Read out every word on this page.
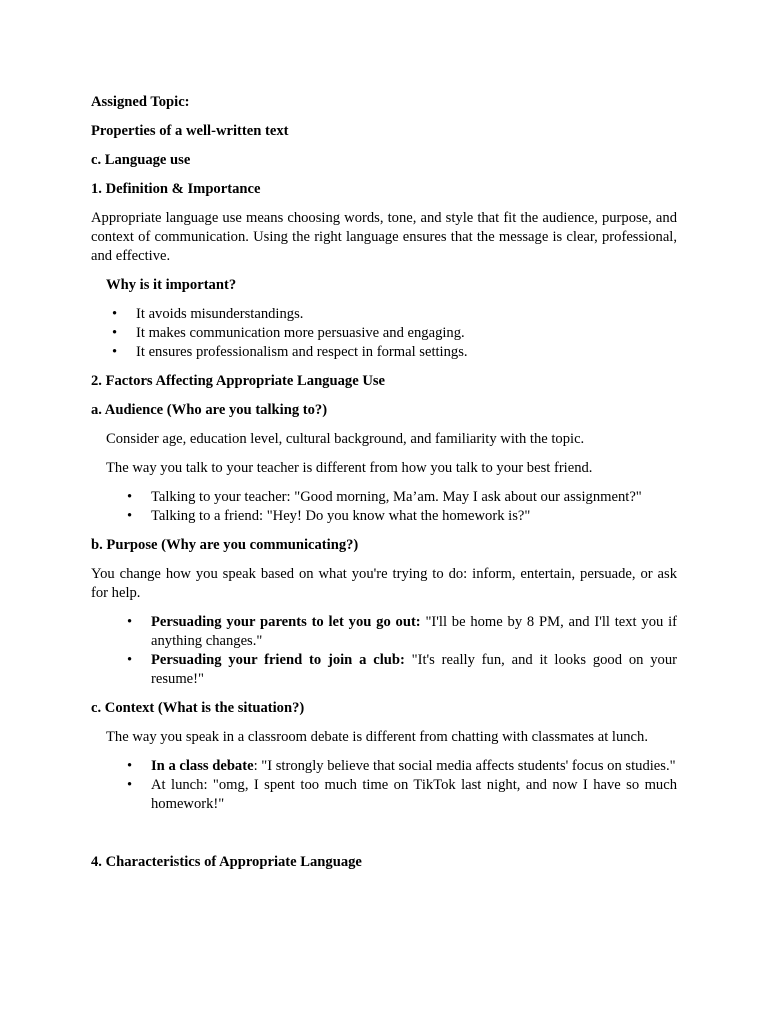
Assigned Topic:

Properties of a well-written text

c. Language use

1. Definition & Importance

Appropriate language use means choosing words, tone, and style that fit the audience, purpose, and context of communication. Using the right language ensures that the message is clear, professional, and effective.

Why is it important?

• It avoids misunderstandings.
• It makes communication more persuasive and engaging.
• It ensures professionalism and respect in formal settings.

2. Factors Affecting Appropriate Language Use

a. Audience (Who are you talking to?)

Consider age, education level, cultural background, and familiarity with the topic.

The way you talk to your teacher is different from how you talk to your best friend.

• Talking to your teacher: "Good morning, Ma’am. May I ask about our assignment?"
• Talking to a friend: "Hey! Do you know what the homework is?"

b. Purpose (Why are you communicating?)

You change how you speak based on what you're trying to do: inform, entertain, persuade, or ask for help.

• Persuading your parents to let you go out: "I'll be home by 8 PM, and I'll text you if anything changes."
• Persuading your friend to join a club: "It's really fun, and it looks good on your resume!"

c. Context (What is the situation?)

The way you speak in a classroom debate is different from chatting with classmates at lunch.

• In a class debate: "I strongly believe that social media affects students' focus on studies."
• At lunch: "omg, I spent too much time on TikTok last night, and now I have so much homework!"

4. Characteristics of Appropriate Language
